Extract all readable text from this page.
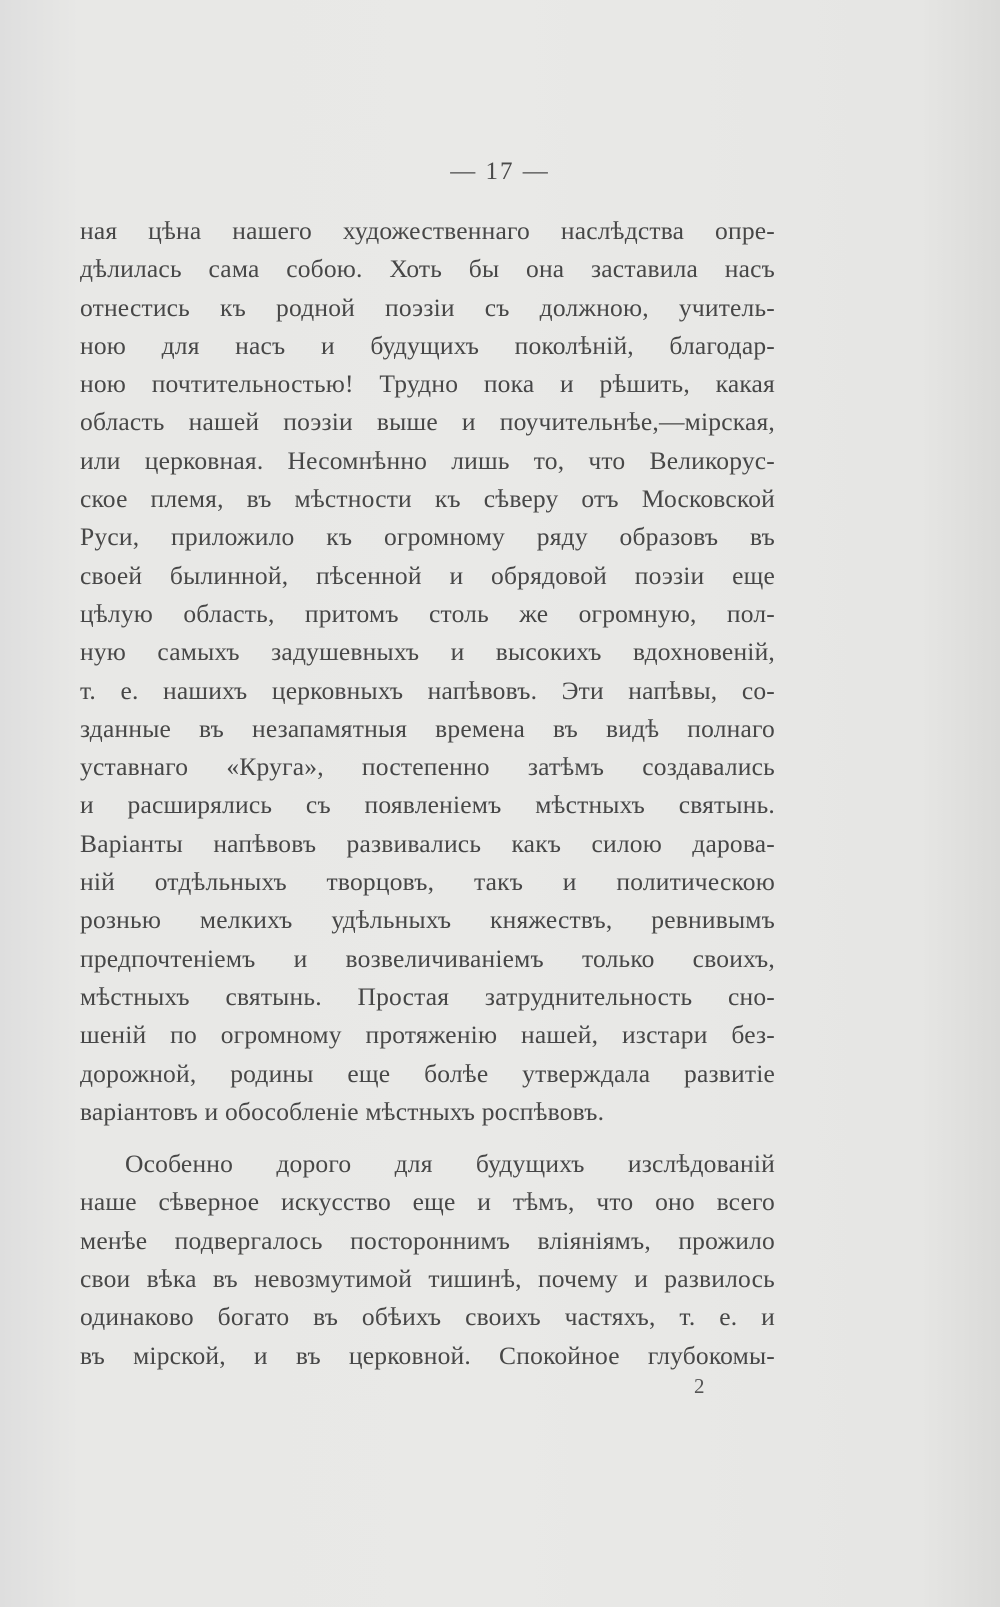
— 17 —
ная цѣна нашего художественнаго наслѣдства опре-
дѣлилась сама собою. Хоть бы она заставила насъ
отнестись къ родной поэзіи съ должною, учитель-
ною для насъ и будущихъ поколѣній, благодар-
ною почтительностью! Трудно пока и рѣшить, какая
область нашей поэзіи выше и поучительнѣе,—мірская,
или церковная. Несомнѣнно лишь то, что Великорус-
ское племя, въ мѣстности къ сѣверу отъ Московской
Руси, приложило къ огромному ряду образовъ въ
своей былинной, пѣсенной и обрядовой поэзіи еще
цѣлую область, притомъ столь же огромную, пол-
ную самыхъ задушевныхъ и высокихъ вдохновеній,
т. е. нашихъ церковныхъ напѣвовъ. Эти напѣвы, со-
зданные въ незапамятныя времена въ видѣ полнаго
уставнаго «Круга», постепенно затѣмъ создавались
и расширялись съ появленіемъ мѣстныхъ святынь.
Варіанты напѣвовъ развивались какъ силою дарова-
ній отдѣльныхъ творцовъ, такъ и политическою
рознью мелкихъ удѣльныхъ княжествъ, ревнивымъ
предпочтеніемъ и возвеличиваніемъ только своихъ,
мѣстныхъ святынь. Простая затруднительность сно-
шеній по огромному протяженію нашей, изстари без-
дорожной, родины еще болѣе утверждала развитіе
варіантовъ и обособленіе мѣстныхъ роспѣвовъ.
Особенно дорого для будущихъ изслѣдованій
наше сѣверное искусство еще и тѣмъ, что оно всего
менѣе подвергалось постороннимъ вліяніямъ, прожило
свои вѣка въ невозмутимой тишинѣ, почему и развилось
одинаково богато въ обѣихъ своихъ частяхъ, т. е. и
въ мірской, и въ церковной. Спокойное глубокомы-
2
